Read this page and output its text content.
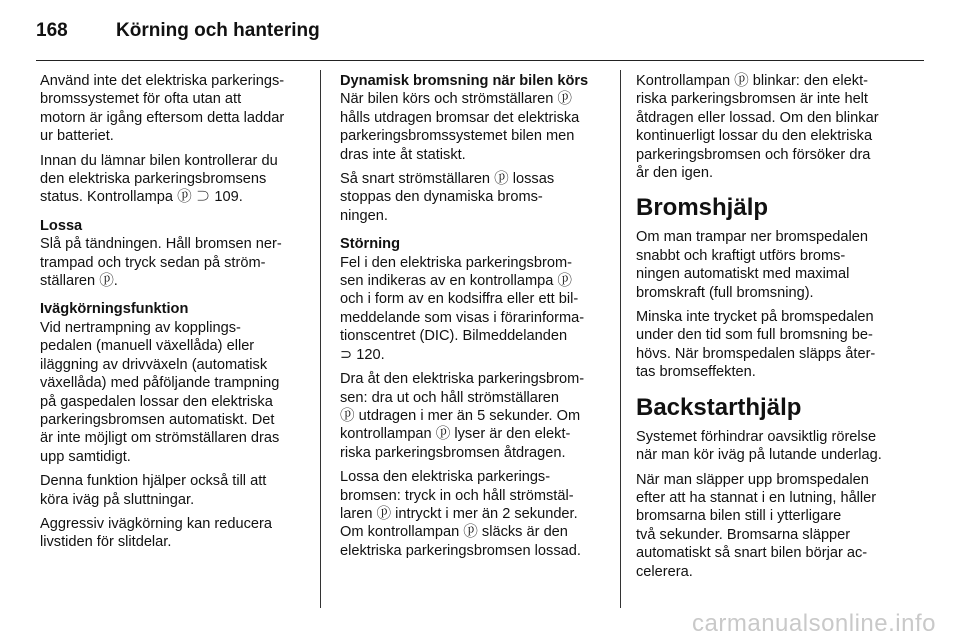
168	Körning och hantering

Använd inte det elektriska parkerings-
bromssystemet för ofta utan att
motorn är igång eftersom detta laddar
ur batteriet.

Innan du lämnar bilen kontrollerar du
den elektriska parkeringsbromsens
status. Kontrollampa ⓟ ⊃ 109.

Lossa

Slå på tändningen. Håll bromsen ner-
trampad och tryck sedan på ström-
ställaren ⓟ.

Ivägkörningsfunktion

Vid nertrampning av kopplings-
pedalen (manuell växellåda) eller
iläggning av drivväxeln (automatisk
växellåda) med påföljande trampning
på gaspedalen lossar den elektriska
parkeringsbromsen automatiskt. Det
är inte möjligt om strömställaren dras
upp samtidigt.

Denna funktion hjälper också till att
köra iväg på sluttningar.

Aggressiv ivägkörning kan reducera
livstiden för slitdelar.

Dynamisk bromsning när bilen körs

När bilen körs och strömställaren ⓟ
hålls utdragen bromsar det elektriska
parkeringsbromssystemet bilen men
dras inte åt statiskt.

Så snart strömställaren ⓟ lossas
stoppas den dynamiska broms-
ningen.

Störning

Fel i den elektriska parkeringsbrom-
sen indikeras av en kontrollampa ⓟ
och i form av en kodsiffra eller ett bil-
meddelande som visas i förarinforma-
tionscentret (DIC). Bilmeddelanden
⊃ 120.

Dra åt den elektriska parkeringsbrom-
sen: dra ut och håll strömställaren
ⓟ utdragen i mer än 5 sekunder. Om
kontrollampan ⓟ lyser är den elekt-
riska parkeringsbromsen åtdragen.

Lossa den elektriska parkerings-
bromsen: tryck in och håll strömstäl-
laren ⓟ intryckt i mer än 2 sekunder.
Om kontrollampan ⓟ släcks är den
elektriska parkeringsbromsen lossad.

Kontrollampan ⓟ blinkar: den elekt-
riska parkeringsbromsen är inte helt
åtdragen eller lossad. Om den blinkar
kontinuerligt lossar du den elektriska
parkeringsbromsen och försöker dra
år den igen.

Bromshjälp

Om man trampar ner bromspedalen
snabbt och kraftigt utförs broms-
ningen automatiskt med maximal
bromskraft (full bromsning).

Minska inte trycket på bromspedalen
under den tid som full bromsning be-
hövs. När bromspedalen släpps åter-
tas bromseffekten.

Backstarthjälp

Systemet förhindrar oavsiktlig rörelse
när man kör iväg på lutande underlag.

När man släpper upp bromspedalen
efter att ha stannat i en lutning, håller
bromsarna bilen still i ytterligare
två sekunder. Bromsarna släpper
automatiskt så snart bilen börjar ac-
celerera.

carmanualsonline.info
